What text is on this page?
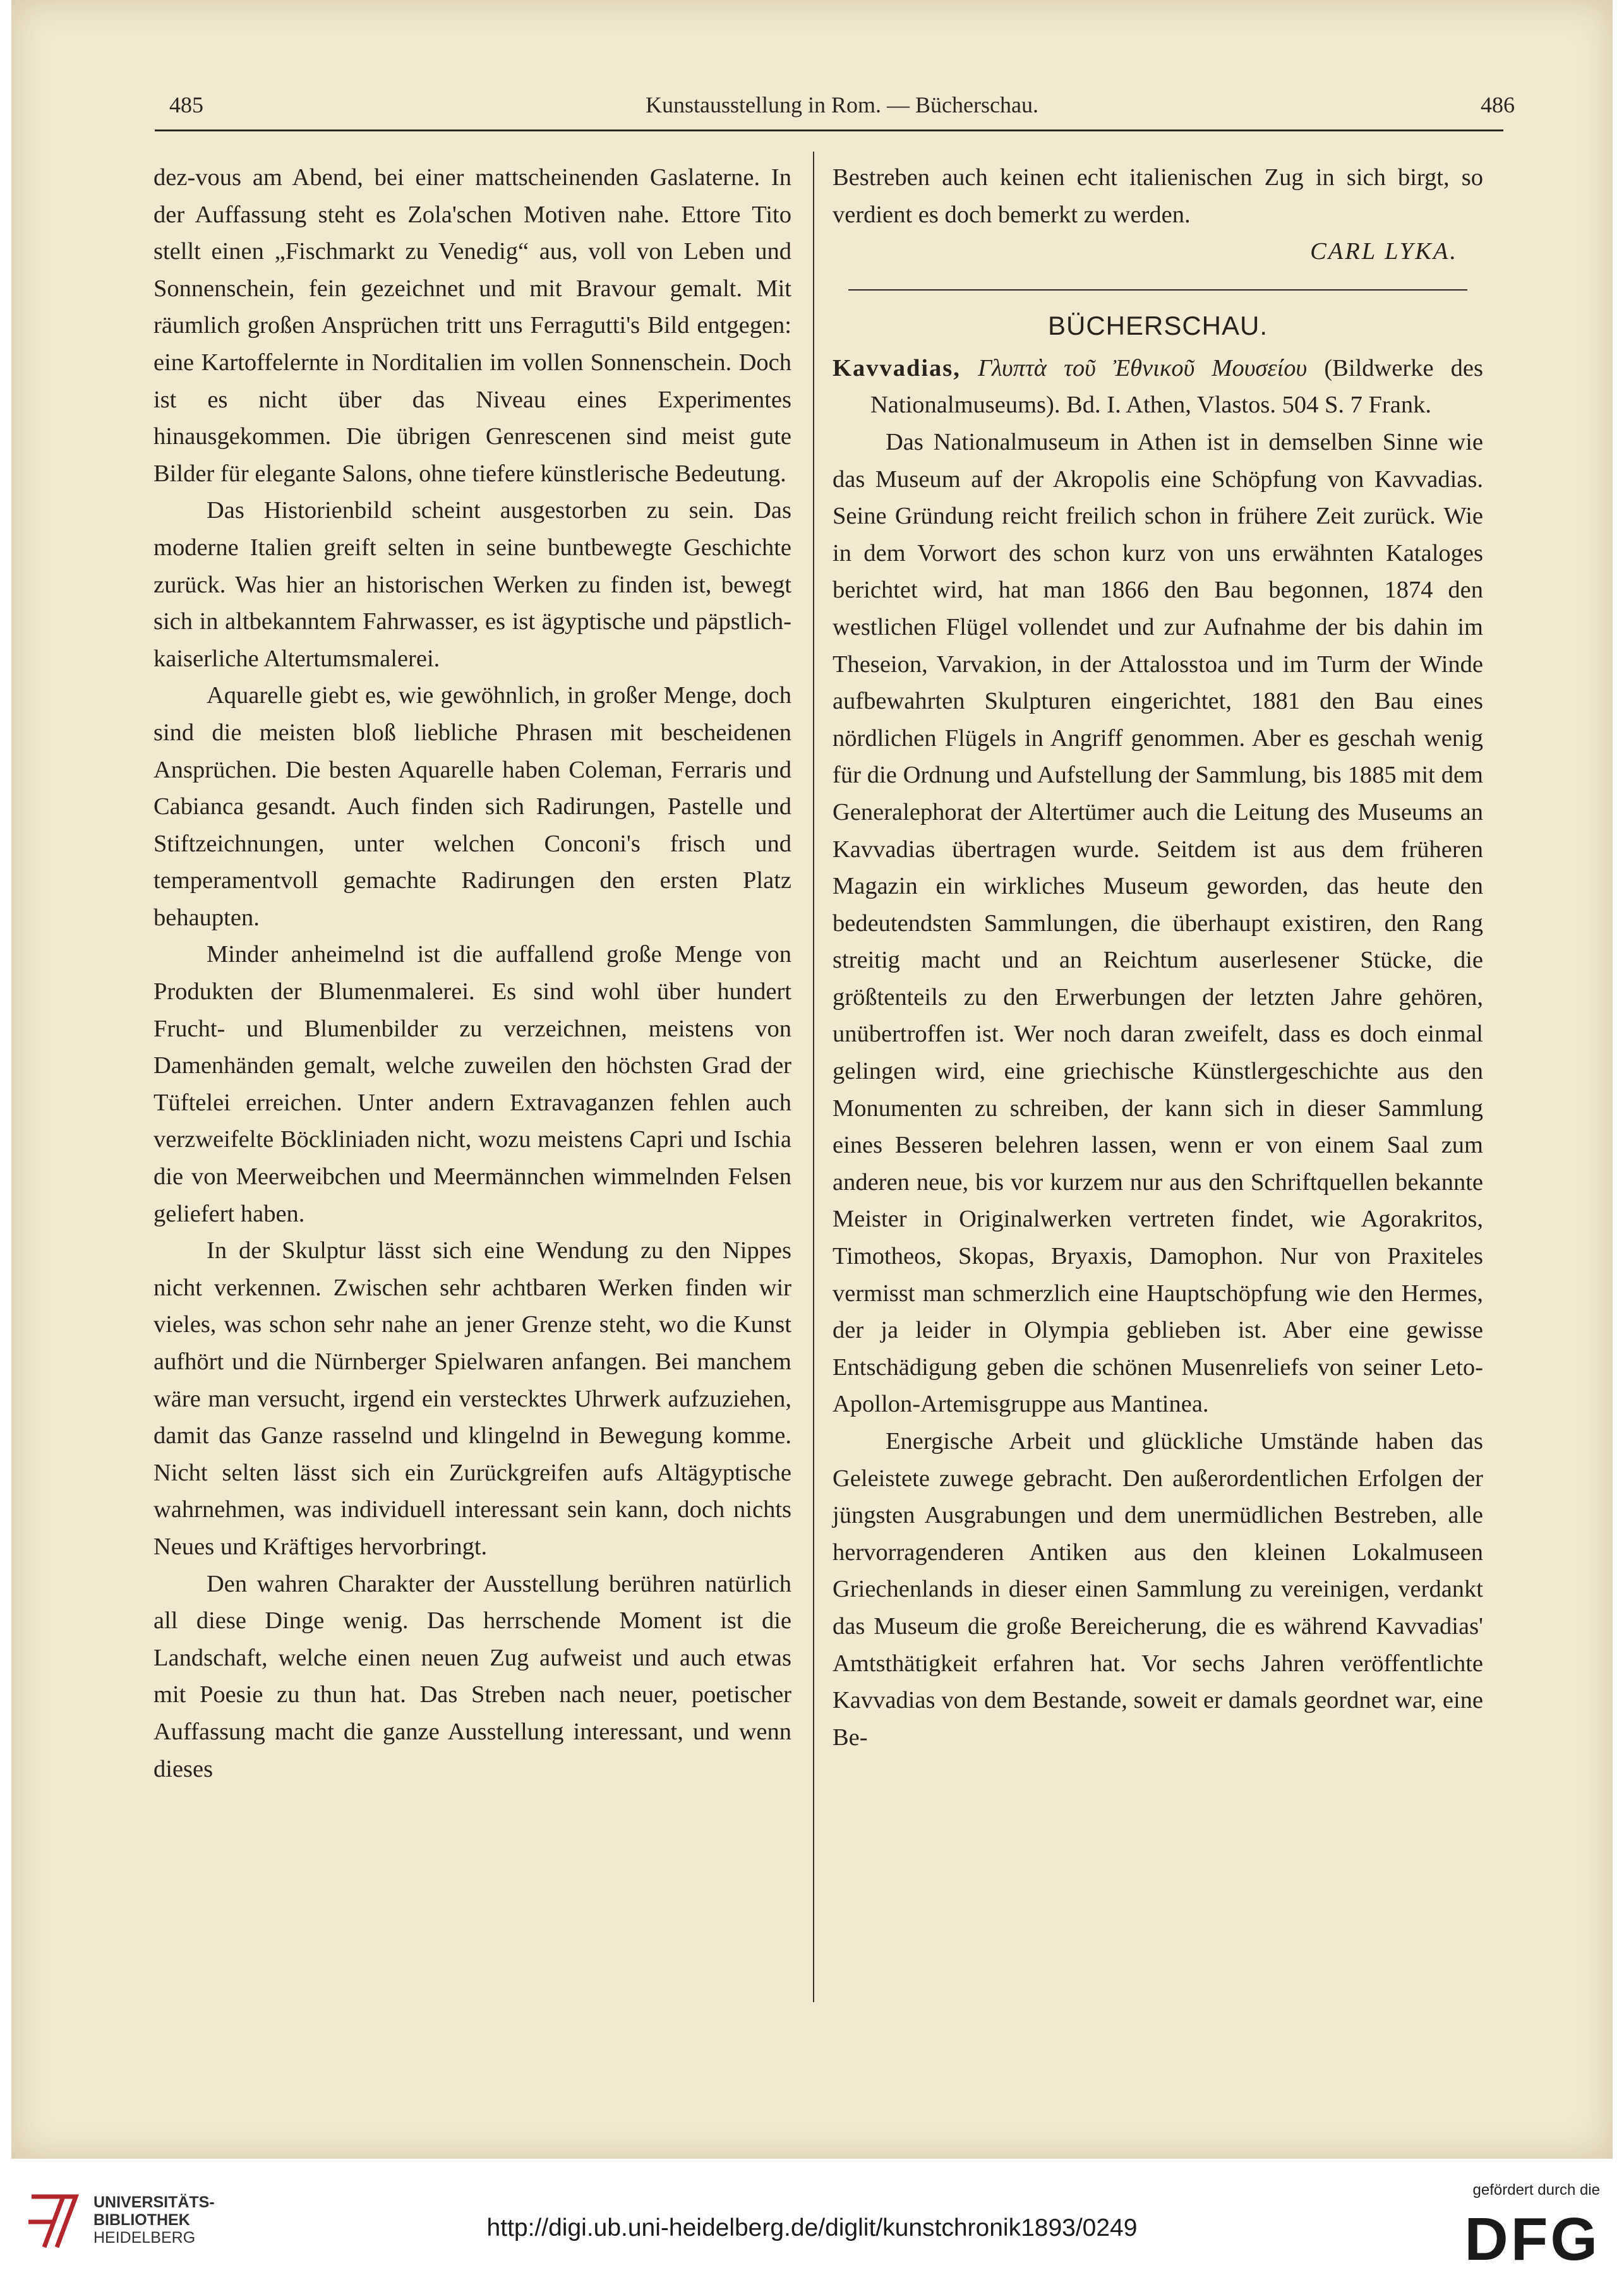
485	Kunstausstellung in Rom. — Bücherschau.	486

dez-vous am Abend, bei einer mattscheinenden Gaslaterne. In der Auffassung steht es Zola'schen Motiven nahe. Ettore Tito stellt einen „Fischmarkt zu Venedig“ aus, voll von Leben und Sonnenschein, fein gezeichnet und mit Bravour gemalt. Mit räumlich großen Ansprüchen tritt uns Ferragutti's Bild entgegen: eine Kartoffelernte in Norditalien im vollen Sonnenschein. Doch ist es nicht über das Niveau eines Experimentes hinausgekommen. Die übrigen Genrescenen sind meist gute Bilder für elegante Salons, ohne tiefere künstlerische Bedeutung.

Das Historienbild scheint ausgestorben zu sein. Das moderne Italien greift selten in seine buntbewegte Geschichte zurück. Was hier an historischen Werken zu finden ist, bewegt sich in altbekanntem Fahrwasser, es ist ägyptische und päpstlich-kaiserliche Altertumsmalerei.

Aquarelle giebt es, wie gewöhnlich, in großer Menge, doch sind die meisten bloß liebliche Phrasen mit bescheidenen Ansprüchen. Die besten Aquarelle haben Coleman, Ferraris und Cabianca gesandt. Auch finden sich Radirungen, Pastelle und Stiftzeichnungen, unter welchen Conconi's frisch und temperamentvoll gemachte Radirungen den ersten Platz behaupten.

Minder anheimelnd ist die auffallend große Menge von Produkten der Blumenmalerei. Es sind wohl über hundert Frucht- und Blumenbilder zu verzeichnen, meistens von Damenhänden gemalt, welche zuweilen den höchsten Grad der Tüftelei erreichen. Unter andern Extravaganzen fehlen auch verzweifelte Böckliniaden nicht, wozu meistens Capri und Ischia die von Meerweibchen und Meermännchen wimmelnden Felsen geliefert haben.

In der Skulptur lässt sich eine Wendung zu den Nippes nicht verkennen. Zwischen sehr achtbaren Werken finden wir vieles, was schon sehr nahe an jener Grenze steht, wo die Kunst aufhört und die Nürnberger Spielwaren anfangen. Bei manchem wäre man versucht, irgend ein verstecktes Uhrwerk aufzuziehen, damit das Ganze rasselnd und klingelnd in Bewegung komme. Nicht selten lässt sich ein Zurückgreifen aufs Altägyptische wahrnehmen, was individuell interessant sein kann, doch nichts Neues und Kräftiges hervorbringt.

Den wahren Charakter der Ausstellung berühren natürlich all diese Dinge wenig. Das herrschende Moment ist die Landschaft, welche einen neuen Zug aufweist und auch etwas mit Poesie zu thun hat. Das Streben nach neuer, poetischer Auffassung macht die ganze Ausstellung interessant, und wenn dieses

Bestreben auch keinen echt italienischen Zug in sich birgt, so verdient es doch bemerkt zu werden.

CARL LYKA.

BÜCHERSCHAU.

Kavvadias, Γλυπτὰ τοῦ Ἐθνικοῦ Μουσείου (Bildwerke des Nationalmuseums). Bd. I. Athen, Vlastos. 504 S. 7 Frank.

Das Nationalmuseum in Athen ist in demselben Sinne wie das Museum auf der Akropolis eine Schöpfung von Kavvadias. Seine Gründung reicht freilich schon in frühere Zeit zurück. Wie in dem Vorwort des schon kurz von uns erwähnten Kataloges berichtet wird, hat man 1866 den Bau begonnen, 1874 den westlichen Flügel vollendet und zur Aufnahme der bis dahin im Theseion, Varvakion, in der Attalosstoa und im Turm der Winde aufbewahrten Skulpturen eingerichtet, 1881 den Bau eines nördlichen Flügels in Angriff genommen. Aber es geschah wenig für die Ordnung und Aufstellung der Sammlung, bis 1885 mit dem Generalephorat der Altertümer auch die Leitung des Museums an Kavvadias übertragen wurde. Seitdem ist aus dem früheren Magazin ein wirkliches Museum geworden, das heute den bedeutendsten Sammlungen, die überhaupt existiren, den Rang streitig macht und an Reichtum auserlesener Stücke, die größtenteils zu den Erwerbungen der letzten Jahre gehören, unübertroffen ist. Wer noch daran zweifelt, dass es doch einmal gelingen wird, eine griechische Künstlergeschichte aus den Monumenten zu schreiben, der kann sich in dieser Sammlung eines Besseren belehren lassen, wenn er von einem Saal zum anderen neue, bis vor kurzem nur aus den Schriftquellen bekannte Meister in Originalwerken vertreten findet, wie Agorakritos, Timotheos, Skopas, Bryaxis, Damophon. Nur von Praxiteles vermisst man schmerzlich eine Hauptschöpfung wie den Hermes, der ja leider in Olympia geblieben ist. Aber eine gewisse Entschädigung geben die schönen Musenreliefs von seiner Leto-Apollon-Artemisgruppe aus Mantinea.

Energische Arbeit und glückliche Umstände haben das Geleistete zuwege gebracht. Den außerordentlichen Erfolgen der jüngsten Ausgrabungen und dem unermüdlichen Bestreben, alle hervorragenderen Antiken aus den kleinen Lokalmuseen Griechenlands in dieser einen Sammlung zu vereinigen, verdankt das Museum die große Bereicherung, die es während Kavvadias' Amtsthätigkeit erfahren hat. Vor sechs Jahren veröffentlichte Kavvadias von dem Bestande, soweit er damals geordnet war, eine Be-

UNIVERSITÄTS-
BIBLIOTHEK
HEIDELBERG	http://digi.ub.uni-heidelberg.de/diglit/kunstchronik1893/0249
gefördert durch die
DFG
